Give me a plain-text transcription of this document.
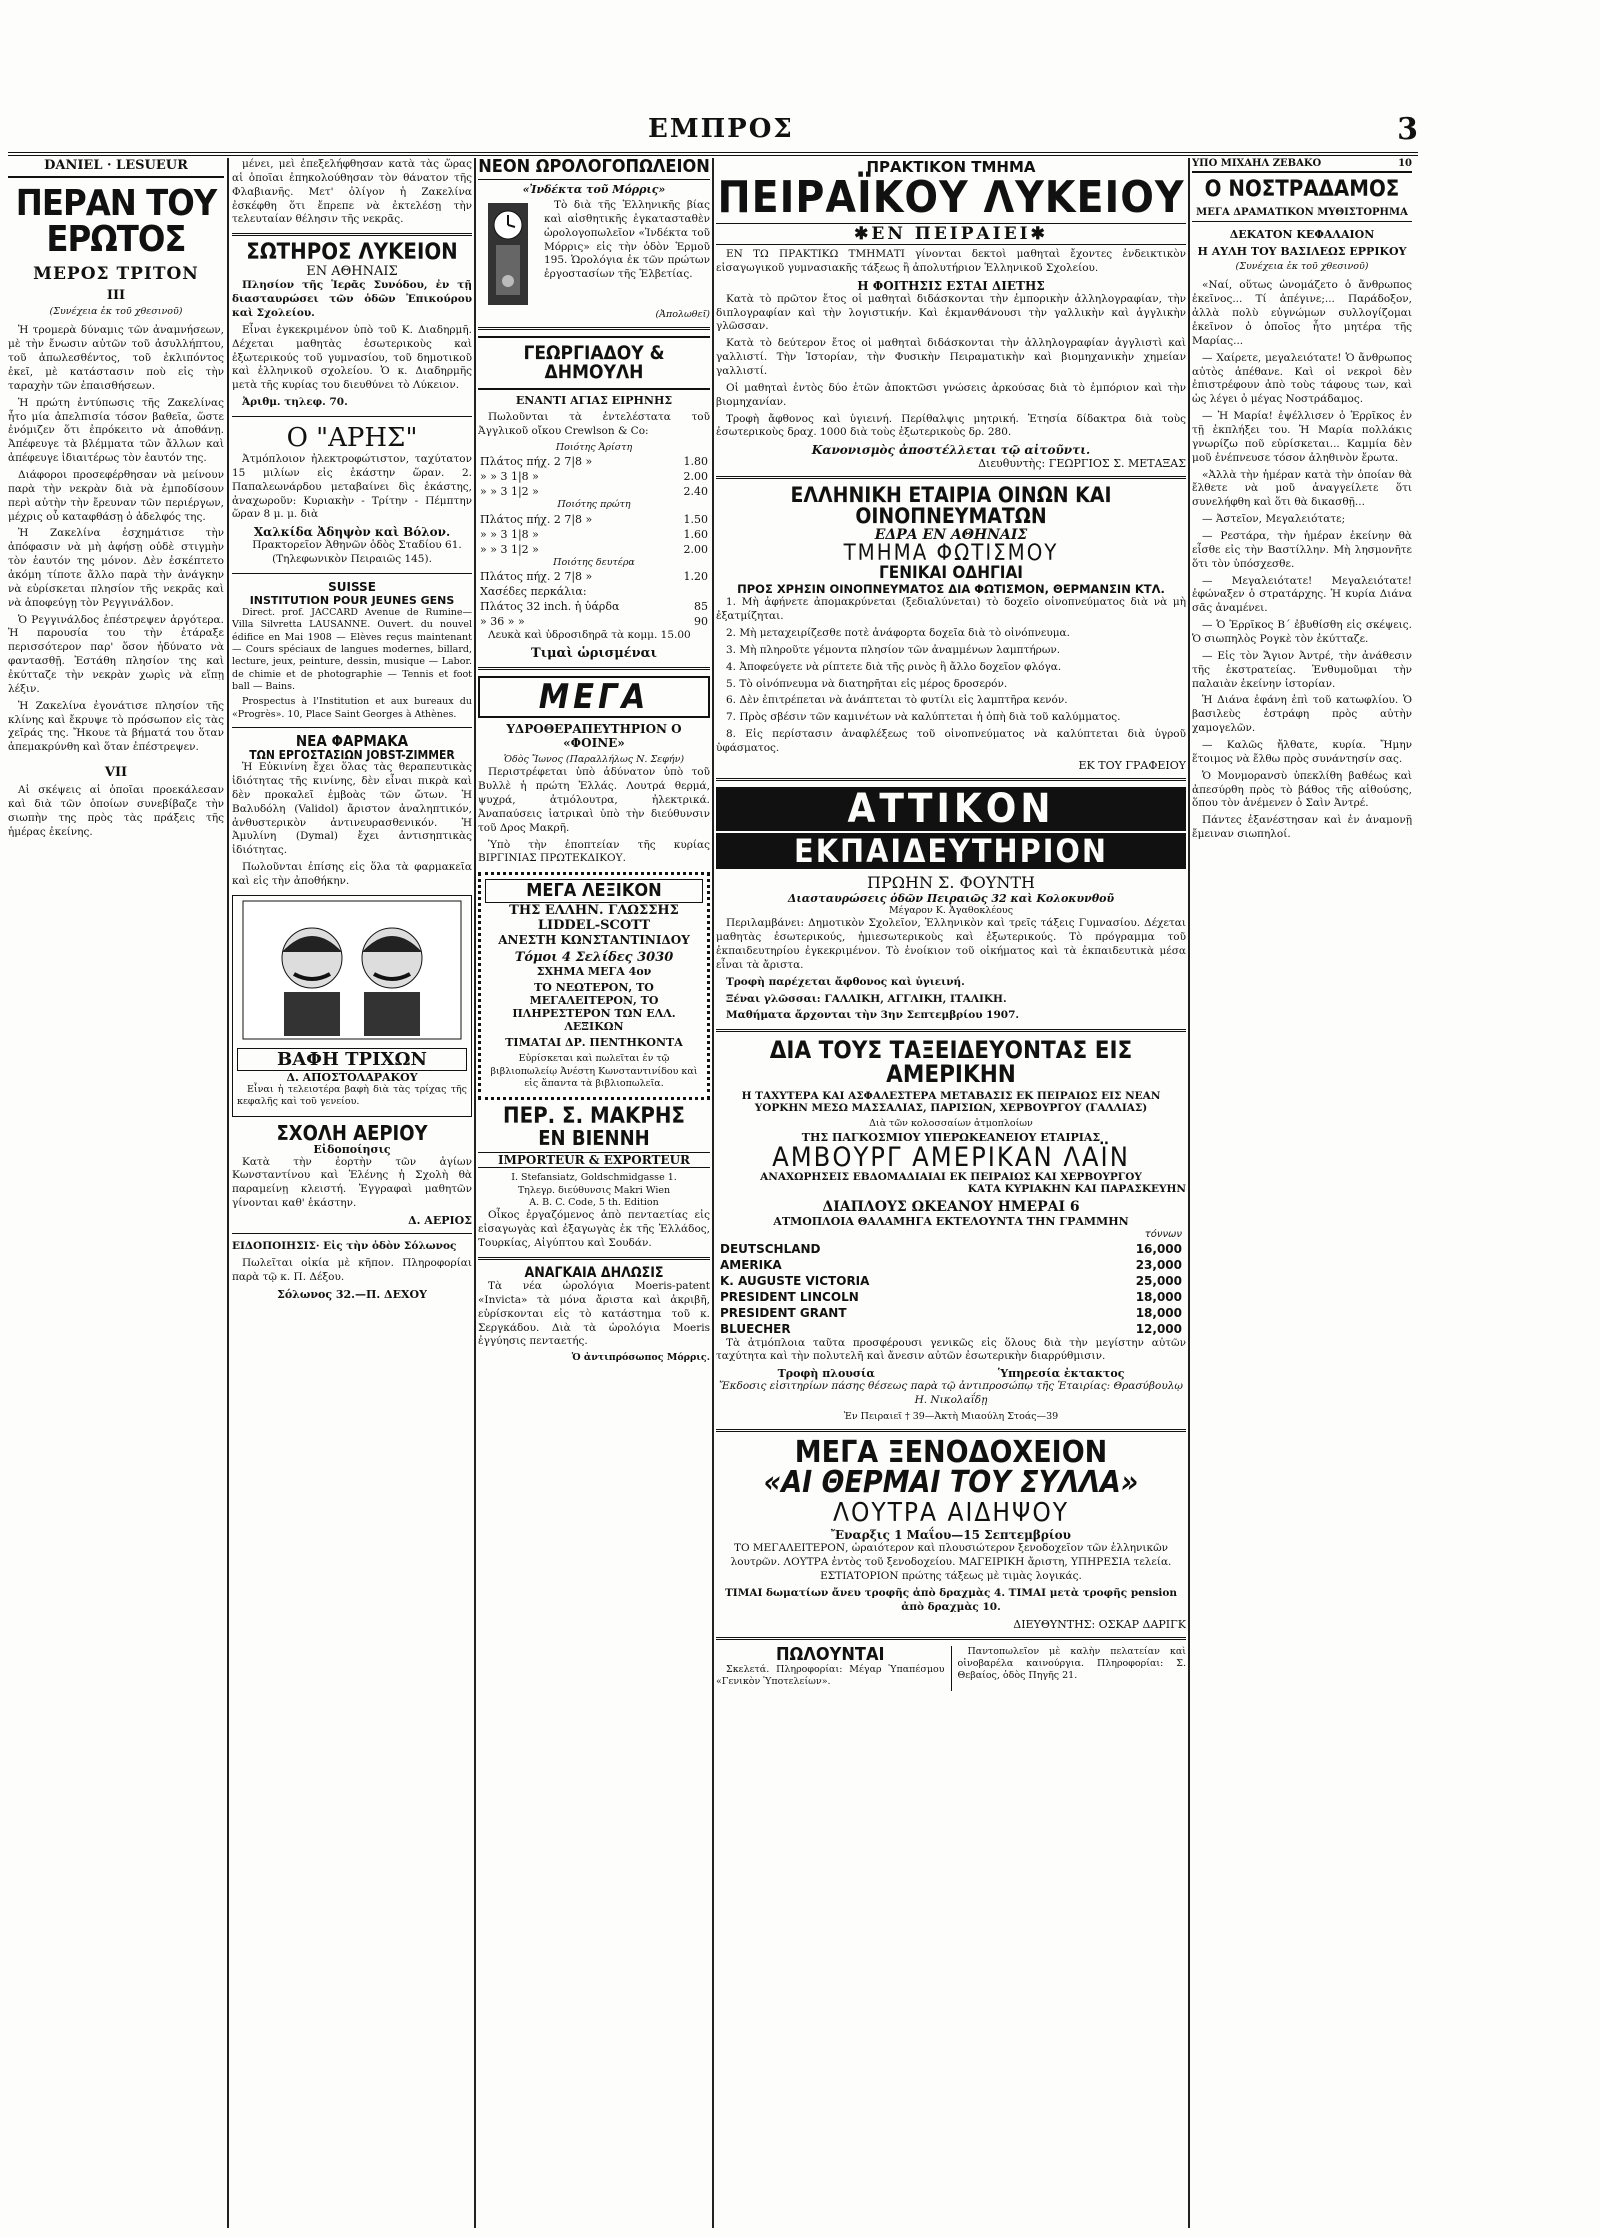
ΕΜΠΡΟΣ	3
DANIEL · LESUEUR
ΠΕΡΑΝ ΤΟΥ ΕΡΩΤΟΣ
ΜΕΡΟΣ ΤΡΙΤΟΝ
III
(Συνέχεια ἐκ τοῦ χθεσινοῦ)

Ἡ τρομερὰ δύναμις τῶν ἀναμνήσεων, μὲ τὴν ἔνωσιν αὐτῶν τοῦ ἀσυλλήπτου, τοῦ ἀπωλεσθέντος, τοῦ ἐκλιπόντος ἐκεῖ, μὲ κατάστασιν ποὺ εἰς τὴν ταραχὴν τῶν ἐπαισθήσεων.

Ἡ πρώτη ἐντύπωσις τῆς Ζακελίνας ἦτο μία ἀπελπισία τόσον βαθεῖα, ὥστε ἐνόμιζεν ὅτι ἐπρόκειτο νὰ ἀποθάνῃ. Ἀπέφευγε τὰ βλέμματα τῶν ἄλλων καὶ ἀπέφευγε ἰδιαιτέρως τὸν ἑαυτόν της.

Διάφοροι προσεφέρθησαν νὰ μείνουν παρὰ τὴν νεκρὰν διὰ νὰ ἐμποδίσουν περὶ αὐτὴν τὴν ἔρευναν τῶν περιέργων, μέχρις οὗ καταφθάσῃ ὁ ἀδελφός της.

Ἡ Ζακελίνα ἐσχημάτισε τὴν ἀπόφασιν νὰ μὴ ἀφήσῃ οὐδὲ στιγμὴν τὸν ἑαυτόν της μόνον. Δὲν ἐσκέπτετο ἀκόμη τίποτε ἄλλο παρὰ τὴν ἀνάγκην νὰ εὑρίσκεται πλησίον τῆς νεκρᾶς καὶ νὰ ἀποφεύγῃ τὸν Ρεγγινάλδον.

Ὁ Ρεγγινάλδος ἐπέστρεψεν ἀργότερα. Ἡ παρουσία του τὴν ἐτάραξε περισσότερον παρ' ὅσον ἠδύνατο νὰ φαντασθῇ. Ἐστάθη πλησίον της καὶ ἐκύτταζε τὴν νεκρὰν χωρὶς νὰ εἴπῃ λέξιν.

Ἡ Ζακελίνα ἐγονάτισε πλησίον τῆς κλίνης καὶ ἔκρυψε τὸ πρόσωπον εἰς τὰς χεῖράς της. Ἤκουε τὰ βήματά του ὅταν ἀπεμακρύνθη καὶ ὅταν ἐπέστρεψεν.

VII

Αἱ σκέψεις αἱ ὁποῖαι προεκάλεσαν καὶ διὰ τῶν ὁποίων συνεβίβαζε τὴν σιωπὴν της πρὸς τὰς πράξεις τῆς ἡμέρας ἐκείνης.

μένει, μεὶ ἐπεξελήφθησαν κατὰ τὰς ὥρας αἱ ὁποῖαι ἐπηκολούθησαν τὸν θάνατον τῆς Φλαβιανῆς. Μετ' ὀλίγον ἡ Ζακελίνα ἐσκέφθη ὅτι ἔπρεπε νὰ ἐκτελέσῃ τὴν τελευταίαν θέλησιν τῆς νεκρᾶς.

ΣΩΤΗΡΟΣ ΛΥΚΕΙΟΝ
ΕΝ ΑΘΗΝΑΙΣ

Πλησίον τῆς Ἱερᾶς Συνόδου, ἐν τῇ διασταυρώσει τῶν ὁδῶν Ἐπικούρου καὶ Σχολείου.

Εἶναι ἐγκεκριμένον ὑπὸ τοῦ Κ. Διαδηρμῆ. Δέχεται μαθητὰς ἐσωτερικοὺς καὶ ἐξωτερικούς τοῦ γυμνασίου, τοῦ δημοτικοῦ καὶ ἑλληνικοῦ σχολείου. Ὁ κ. Διαδηρμῆς μετὰ τῆς κυρίας του διευθύνει τὸ Λύκειον.

Ἀριθμ. τηλεφ. 70.

Ο "ΑΡΗΣ"

Ἀτμόπλοιον ἠλεκτροφώτιστον, ταχύτατον 15 μιλίων εἰς ἑκάστην ὥραν. 2. Παπαλεωνάρδου μεταβαίνει δὶς ἑκάστης, ἀναχωροῦν: Κυριακὴν - Τρίτην - Πέμπτην ὥραν 8 μ. μ. διὰ

Χαλκίδα Ἀδηψὸν καὶ Βόλον.

Πρακτορεῖον Ἀθηνῶν ὁδὸς Σταδίου 61. (Τηλεφωνικὸν Πειραιῶς 145).

SUISSE
INSTITUTION POUR JEUNES GENS

Direct. prof. JACCARD Avenue de Rumine—Villa Silvretta LAUSANNE. Ouvert. du nouvel édifice en Mai 1908 — Elèves reçus maintenant — Cours spéciaux de langues modernes, billard, lecture, jeux, peinture, dessin, musique — Labor. de chimie et de photographie — Tennis et foot ball — Bains.

Prospectus à l'Institution et aux bureaux du «Progrès». 10, Place Saint Georges à Athènes.

ΝΕΑ ΦΑΡΜΑΚΑ
ΤΩΝ ΕΡΓΟΣΤΑΣΙΩΝ JOBST-ZIMMER

Ἡ Εὐκινίνη ἔχει ὅλας τὰς θεραπευτικὰς ἰδιότητας τῆς κινίνης, δὲν εἶναι πικρὰ καὶ δὲν προκαλεῖ ἐμβοὰς τῶν ὤτων. Ἡ Βαλυδόλη (Validol) ἄριστον ἀναληπτικόν, ἀνθυστερικὸν ἀντινευρασθενικόν. Ἡ Ἀμυλίνη (Dymal) ἔχει ἀντισηπτικὰς ἰδιότητας.

Πωλοῦνται ἐπίσης εἰς ὅλα τὰ φαρμακεῖα καὶ εἰς τὴν ἀποθήκην.

ΒΑΦΗ ΤΡΙΧΩΝ
Δ. ΑΠΟΣΤΟΛΑΡΑΚΟΥ

Εἶναι ἡ τελειοτέρα βαφὴ διὰ τὰς τρίχας τῆς κεφαλῆς καὶ τοῦ γενείου.

ΣΧΟΛΗ ΑΕΡΙΟΥ
Εἰδοποίησις

Κατὰ τὴν ἐορτὴν τῶν ἁγίων Κωνσταντίνου καὶ Ἑλένης ἡ Σχολὴ θὰ παραμείνῃ κλειστή. Ἐγγραφαὶ μαθητῶν γίνονται καθ' ἑκάστην.

Δ. ΑΕΡΙΟΣ

ΕΙΔΟΠΟΙΗΣΙΣ· Εἰς τὴν ὁδὸν Σόλωνος

Πωλεῖται οἰκία μὲ κῆπον. Πληροφορίαι παρὰ τῷ κ. Π. Δέξου.

Σόλωνος 32.—Π. ΔΕΧΟΥ
ΝΕΟΝ ΩΡΟΛΟΓΟΠΩΛΕΙΟΝ
«Ἰνδέκτα τοῦ Μόρρις»

Τὸ διὰ τῆς Ἑλληνικῆς βίας καὶ αἰσθητικῆς ἐγκατασταθὲν ὡρολογοπωλεῖον «Ἰνδέκτα τοῦ Μόρρις» εἰς τὴν ὁδὸν Ἑρμοῦ 195. Ὡρολόγια ἐκ τῶν πρώτων ἐργοστασίων τῆς Ἑλβετίας.

(Ἀπολωθεῖ)
ΓΕΩΡΓΙΑΔΟΥ & ΔΗΜΟΥΛΗ
ΕΝΑΝΤΙ ΑΓΙΑΣ ΕΙΡΗΝΗΣ

Πωλοῦνται τὰ ἐντελέστατα τοῦ Ἀγγλικοῦ οἴκου Crewlson & Co:

Ποιότης Ἀρίστη
Πλάτος πήχ. 2 7|8 »	1.80
» » 3 1|8 »	2.00
» » 3 1|2 »	2.40
Ποιότης πρώτη
Πλάτος πήχ. 2 7|8 »	1.50
» » 3 1|8 »	1.60
» » 3 1|2 »	2.00
Ποιότης δευτέρα
Πλάτος πήχ. 2 7|8 »	1.20
Χασέδες περκάλια:	
Πλάτος 32 inch. ἡ ὑάρδα	85
» 36 » »	90

Λευκὰ καὶ ὑδροσιδηρᾶ τὰ κομμ. 15.00

Τιμαὶ ὡρισμέναι
ΜΕΓΑ
ΥΔΡΟΘΕΡΑΠΕΥΤΗΡΙΟΝ Ο «ΦΟΙΝΕ»
Ὁδὸς Ἴωνος (Παραλλήλως Ν. Σεφήν)

Περιστρέφεται ὑπὸ ἀδύνατον ὑπὸ τοῦ Βυλλὲ ἡ πρώτη Ἑλλάς. Λουτρά θερμά, ψυχρά, ἀτμόλουτρα, ἠλεκτρικά. Ἀναπαύσεις ἰατρικαὶ ὑπὸ τὴν διεύθυνσιν τοῦ Δρος Μακρῆ.

Ὑπὸ τὴν ἐποπτείαν τῆς κυρίας ΒΙΡΓΙΝΙΑΣ ΠΡΩΤΕΚΔΙΚΟΥ.

ΜΕΓΑ ΛΕΞΙΚΟΝ
ΤΗΣ ΕΛΛΗΝ. ΓΛΩΣΣΗΣ
LIDDEL-SCOTT
ΑΝΕΣΤΗ ΚΩΝΣΤΑΝΤΙΝΙΔΟΥ
Τόμοι 4 Σελίδες 3030
ΣΧΗΜΑ ΜΕΓΑ 4ον
ΤΟ ΝΕΩΤΕΡΟΝ, ΤΟ ΜΕΓΑΛΕΙΤΕΡΟΝ, ΤΟ ΠΛΗΡΕΣΤΕΡΟΝ ΤΩΝ ΕΛΛ. ΛΕΞΙΚΩΝ
ΤΙΜΑΤΑΙ ΔΡ. ΠΕΝΤΗΚΟΝΤΑ

Εὑρίσκεται καὶ πωλεῖται ἐν τῷ βιβλιοπωλείῳ Ἀνέστη Κωνσταντινίδου καὶ εἰς ἅπαντα τὰ βιβλιοπωλεῖα.

ΠΕΡ. Σ. ΜΑΚΡΗΣ
ΕΝ ΒΙΕΝΝΗ
IMPORTEUR & EXPORTEUR
I. Stefansiatz, Goldschmidgasse 1.
Τηλεγρ. διεύθυνσις Makri Wien
A. B. C. Code, 5 th. Edition

Οἶκος ἐργαζόμενος ἀπὸ πενταετίας εἰς εἰσαγωγὰς καὶ ἐξαγωγὰς ἐκ τῆς Ἑλλάδος, Τουρκίας, Αἰγύπτου καὶ Σουδάν.

ΑΝΑΓΚΑΙΑ ΔΗΛΩΣΙΣ

Τὰ νέα ὡρολόγια Moeris-patent «Invicta» τὰ μόνα ἄριστα καὶ ἀκριβῆ, εὑρίσκονται εἰς τὸ κατάστημα τοῦ κ. Σεργκάδου. Διὰ τὰ ὡρολόγια Moeris ἐγγύησις πενταετής.

Ὁ ἀντιπρόσωπος Μόρρις.
ΠΡΑΚΤΙΚΟΝ ΤΜΗΜΑ
ΠΕΙΡΑΪΚΟΥ ΛΥΚΕΙΟΥ
✱ΕΝ ΠΕΙΡΑΙΕΙ✱

ΕΝ ΤΩ ΠΡΑΚΤΙΚΩ ΤΜΗΜΑΤΙ γίνονται δεκτοὶ μαθηταὶ ἔχοντες ἐνδεικτικὸν εἰσαγωγικοῦ γυμνασιακῆς τάξεως ἢ ἀπολυτήριον Ἑλληνικοῦ Σχολείου.

Η ΦΟΙΤΗΣΙΣ ΕΣΤΑΙ ΔΙΕΤΗΣ

Κατὰ τὸ πρῶτον ἔτος οἱ μαθηταὶ διδάσκονται τὴν ἐμπορικὴν ἀλληλογραφίαν, τὴν διπλογραφίαν καὶ τὴν λογιστικήν. Καὶ ἐκμανθάνουσι τὴν γαλλικὴν καὶ ἀγγλικὴν γλῶσσαν.

Κατὰ τὸ δεύτερον ἔτος οἱ μαθηταὶ διδάσκονται τὴν ἀλληλογραφίαν ἀγγλιστὶ καὶ γαλλιστί. Τὴν Ἱστορίαν, τὴν Φυσικὴν Πειραματικὴν καὶ βιομηχανικὴν χημείαν γαλλιστί.

Οἱ μαθηταὶ ἐντὸς δύο ἐτῶν ἀποκτῶσι γνώσεις ἀρκούσας διὰ τὸ ἐμπόριον καὶ τὴν βιομηχανίαν.

Τροφὴ ἄφθονος καὶ ὑγιεινή. Περίθαλψις μητρική. Ἐτησία δίδακτρα διὰ τοὺς ἐσωτερικοὺς δραχ. 1000 διὰ τοὺς ἐξωτερικοὺς δρ. 280.

Κανονισμὸς ἀποστέλλεται τῷ αἰτοῦντι.
Διευθυντὴς: ΓΕΩΡΓΙΟΣ Σ. ΜΕΤΑΞΑΣ
ΕΛΛΗΝΙΚΗ ΕΤΑΙΡΙΑ ΟΙΝΩΝ ΚΑΙ ΟΙΝΟΠΝΕΥΜΑΤΩΝ
ΕΔΡΑ ΕΝ ΑΘΗΝΑΙΣ
ΤΜΗΜΑ ΦΩΤΙΣΜΟΥ
ΓΕΝΙΚΑΙ ΟΔΗΓΙΑΙ
ΠΡΟΣ ΧΡΗΣΙΝ ΟΙΝΟΠΝΕΥΜΑΤΟΣ ΔΙΑ ΦΩΤΙΣΜΟΝ, ΘΕΡΜΑΝΣΙΝ ΚΤΛ.

1. Μὴ ἀφήνετε ἀπομακρύνεται (ξεδιαλύνεται) τὸ δοχεῖο οἰνοπνεύματος διὰ νὰ μὴ ἐξατμίζηται.

2. Μὴ μεταχειρίζεσθε ποτὲ ἀνάφορτα δοχεῖα διὰ τὸ οἰνόπνευμα.

3. Μὴ πληροῦτε γέμοντα πλησίον τῶν ἀναμμένων λαμπτήρων.

4. Ἀποφεύγετε νὰ ρίπτετε διὰ τῆς ρινὸς ἢ ἄλλο δοχεῖον φλόγα.

5. Τὸ οἰνόπνευμα νὰ διατηρῆται εἰς μέρος δροσερόν.

6. Δὲν ἐπιτρέπεται νὰ ἀνάπτεται τὸ φυτίλι εἰς λαμπτῆρα κενόν.

7. Πρὸς σβέσιν τῶν καμινέτων νὰ καλύπτεται ἡ ὀπὴ διὰ τοῦ καλύμματος.

8. Εἰς περίστασιν ἀναφλέξεως τοῦ οἰνοπνεύματος νὰ καλύπτεται διὰ ὑγροῦ ὑφάσματος.

ΕΚ ΤΟΥ ΓΡΑΦΕΙΟΥ
ΑΤΤΙΚΟΝ
ΕΚΠΑΙΔΕΥΤΗΡΙΟΝ
ΠΡΩΗΝ Σ. ΦΟΥΝΤΗ
Διασταυρώσεις ὁδῶν Πειραιῶς 32 καὶ Κολοκυνθοῦ
Μέγαρον Κ. Ἀγαθοκλέους

Περιλαμβάνει: Δημοτικὸν Σχολεῖον, Ἑλληνικὸν καὶ τρεῖς τάξεις Γυμνασίου. Δέχεται μαθητὰς ἐσωτερικούς, ἡμιεσωτερικοὺς καὶ ἐξωτερικούς. Τὸ πρόγραμμα τοῦ ἐκπαιδευτηρίου ἐγκεκριμένον. Τὸ ἐνοίκιον τοῦ οἰκήματος καὶ τὰ ἐκπαιδευτικὰ μέσα εἶναι τὰ ἄριστα.

Τροφὴ παρέχεται ἄφθονος καὶ ὑγιεινή.

Ξέναι γλῶσσαι: ΓΑΛΛΙΚΗ, ΑΓΓΛΙΚΗ, ΙΤΑΛΙΚΗ.

Μαθήματα ἄρχονται τὴν 3ην Σεπτεμβρίου 1907.

ΔΙΑ ΤΟΥΣ ΤΑΞΕΙΔΕΥΟΝΤΑΣ ΕΙΣ ΑΜΕΡΙΚΗΝ
Η ΤΑΧΥΤΕΡΑ ΚΑΙ ΑΣΦΑΛΕΣΤΕΡΑ ΜΕΤΑΒΑΣΙΣ ΕΚ ΠΕΙΡΑΙΩΣ ΕΙΣ ΝΕΑΝ ΥΟΡΚΗΝ ΜΕΣΩ ΜΑΣΣΑΛΙΑΣ, ΠΑΡΙΣΙΩΝ, ΧΕΡΒΟΥΡΓΟΥ (ΓΑΛΛΙΑΣ)
Διὰ τῶν κολοσσαίων ἀτμοπλοίων
ΤΗΣ ΠΑΓΚΟΣΜΙΟΥ ΥΠΕΡΩΚΕΑΝΕΙΟΥ ΕΤΑΙΡΙΑΣ
ΑΜΒΟΥΡΓ ΑΜΕΡΙΚΑΝ ΛΑΪΝ
ΑΝΑΧΩΡΗΣΕΙΣ ΕΒΔΟΜΑΔΙΑΙΑΙ ΕΚ ΠΕΙΡΑΙΩΣ ΚΑΙ ΧΕΡΒΟΥΡΓΟΥ
ΚΑΤΑ ΚΥΡΙΑΚΗΝ ΚΑΙ ΠΑΡΑΣΚΕΥΗΝ
ΔΙΑΠΛΟΥΣ ΩΚΕΑΝΟΥ ΗΜΕΡΑΙ 6
ΑΤΜΟΠΛΟΙΑ ΘΑΛΑΜΗΓΑ ΕΚΤΕΛΟΥΝΤΑ ΤΗΝ ΓΡΑΜΜΗΝ
	τόννων
DEUTSCHLAND	16,000
AMERIKA	23,000
K. AUGUSTE VICTORIA	25,000
PRESIDENT LINCOLN	18,000
PRESIDENT GRANT	18,000
BLUECHER	12,000

Τὰ ἀτμόπλοια ταῦτα προσφέρουσι γενικῶς εἰς ὅλους διὰ τὴν μεγίστην αὐτῶν ταχύτητα καὶ τὴν πολυτελῆ καὶ ἄνεσιν αὐτῶν ἐσωτερικὴν διαρρύθμισιν.

Τροφὴ πλουσία	Ὑπηρεσία ἐκτακτος

Ἔκδοσις εἰσιτηρίων πάσης θέσεως παρὰ τῷ ἀντιπροσώπῳ τῆς Ἑταιρίας: Θρασύβουλῳ Η. Νικολαΐδῃ

Ἐν Πειραιεῖ † 39—Ἀκτὴ Μιαούλη Στοάς—39
ΜΕΓΑ ΞΕΝΟΔΟΧΕΙΟΝ
«ΑΙ ΘΕΡΜΑΙ ΤΟΥ ΣΥΛΛΑ»
ΛΟΥΤΡΑ ΑΙΔΗΨΟΥ
Ἔναρξις 1 Μαΐου—15 Σεπτεμβρίου

ΤΟ ΜΕΓΑΛΕΙΤΕΡΟΝ, ὡραιότερον καὶ πλουσιώτερον ξενοδοχεῖον τῶν ἑλληνικῶν λουτρῶν. ΛΟΥΤΡΑ ἐντὸς τοῦ ξενοδοχείου. ΜΑΓΕΙΡΙΚΗ ἄριστη, ΥΠΗΡΕΣΙΑ τελεία. ΕΣΤΙΑΤΟΡΙΟΝ πρώτης τάξεως μὲ τιμὰς λογικάς.

ΤΙΜΑΙ δωματίων ἄνευ τροφῆς ἀπὸ δραχμὰς 4. ΤΙΜΑΙ μετὰ τροφῆς pension ἀπὸ δραχμὰς 10.

ΔΙΕΥΘΥΝΤΗΣ: ΟΣΚΑΡ ΔΑΡΙΓΚ
ΠΩΛΟΥΝΤΑΙ

Σκελετά. Πληροφορίαι: Μέγαρ Ὑπαπέσμου «Γενικὸν Ὑποτελείων».

Παντοπωλεῖον μὲ καλὴν πελατείαν καὶ οἰνοβαρέλα καινούργια. Πληροφορίαι: Σ. Θεβαίος, ὁδὸς Πηγῆς 21.

ΥΠΟ ΜΙΧΑΗΛ ΖΕΒΑΚΟ	10
Ο ΝΟΣΤΡΑΔΑΜΟΣ
ΜΕΓΑ ΔΡΑΜΑΤΙΚΟΝ ΜΥΘΙΣΤΟΡΗΜΑ
ΔΕΚΑΤΟΝ ΚΕΦΑΛΑΙΟΝ
Η ΑΥΛΗ ΤΟΥ ΒΑΣΙΛΕΩΣ ΕΡΡΙΚΟΥ
(Συνέχεια ἐκ τοῦ χθεσινοῦ)

«Ναί, οὕτως ὠνομάζετο ὁ ἄνθρωπος ἐκεῖνος... Τί ἀπέγινε;... Παράδοξον, ἀλλὰ πολὺ εὐγνώμων συλλογίζομαι ἐκεῖνον ὁ ὁποῖος ἦτο μητέρα τῆς Μαρίας...

— Χαίρετε, μεγαλειότατε! Ὁ ἄνθρωπος αὐτὸς ἀπέθανε. Καὶ οἱ νεκροὶ δὲν ἐπιστρέφουν ἀπὸ τοὺς τάφους των, καὶ ὡς λέγει ὁ μέγας Νοστράδαμος.

— Ἡ Μαρία! ἐψέλλισεν ὁ Ἑρρῖκος ἐν τῇ ἐκπλήξει του. Ἡ Μαρία πολλάκις γνωρίζω ποῦ εὑρίσκεται... Καμμία δὲν μοῦ ἐνέπνευσε τόσον ἀληθινὸν ἔρωτα.

«Ἀλλὰ τὴν ἡμέραν κατὰ τὴν ὁποίαν θὰ ἔλθετε νὰ μοῦ ἀναγγείλετε ὅτι συνελήφθη καὶ ὅτι θὰ δικασθῇ...

— Ἀστεῖον, Μεγαλειότατε;

— Ρεστάρα, τὴν ἡμέραν ἐκείνην θὰ εἶσθε εἰς τὴν Βαστίλλην. Μὴ λησμονῆτε ὅτι τὸν ὑπόσχεσθε.

— Μεγαλειότατε! Μεγαλειότατε! ἐφώναξεν ὁ στρατάρχης. Ἡ κυρία Διάνα σᾶς ἀναμένει.

— Ὁ Ἑρρῖκος Β΄ ἐβυθίσθη εἰς σκέψεις. Ὁ σιωπηλὸς Ρογκὲ τὸν ἐκύτταζε.

— Εἰς τὸν Ἄγιον Ἀντρέ, τὴν ἀνάθεσιν τῆς ἐκστρατείας. Ἐνθυμοῦμαι τὴν παλαιὰν ἐκείνην ἱστορίαν.

Ἡ Διάνα ἐφάνη ἐπὶ τοῦ κατωφλίου. Ὁ βασιλεὺς ἐστράφη πρὸς αὐτὴν χαμογελῶν.

— Καλῶς ἤλθατε, κυρία. Ἤμην ἕτοιμος νὰ ἔλθω πρὸς συνάντησίν σας.

Ὁ Μονμορανσὺ ὑπεκλίθη βαθέως καὶ ἀπεσύρθη πρὸς τὸ βάθος τῆς αἰθούσης, ὅπου τὸν ἀνέμενεν ὁ Σαὶν Ἀντρέ.

Πάντες ἐξανέστησαν καὶ ἐν ἀναμονῇ ἔμειναν σιωπηλοί.
